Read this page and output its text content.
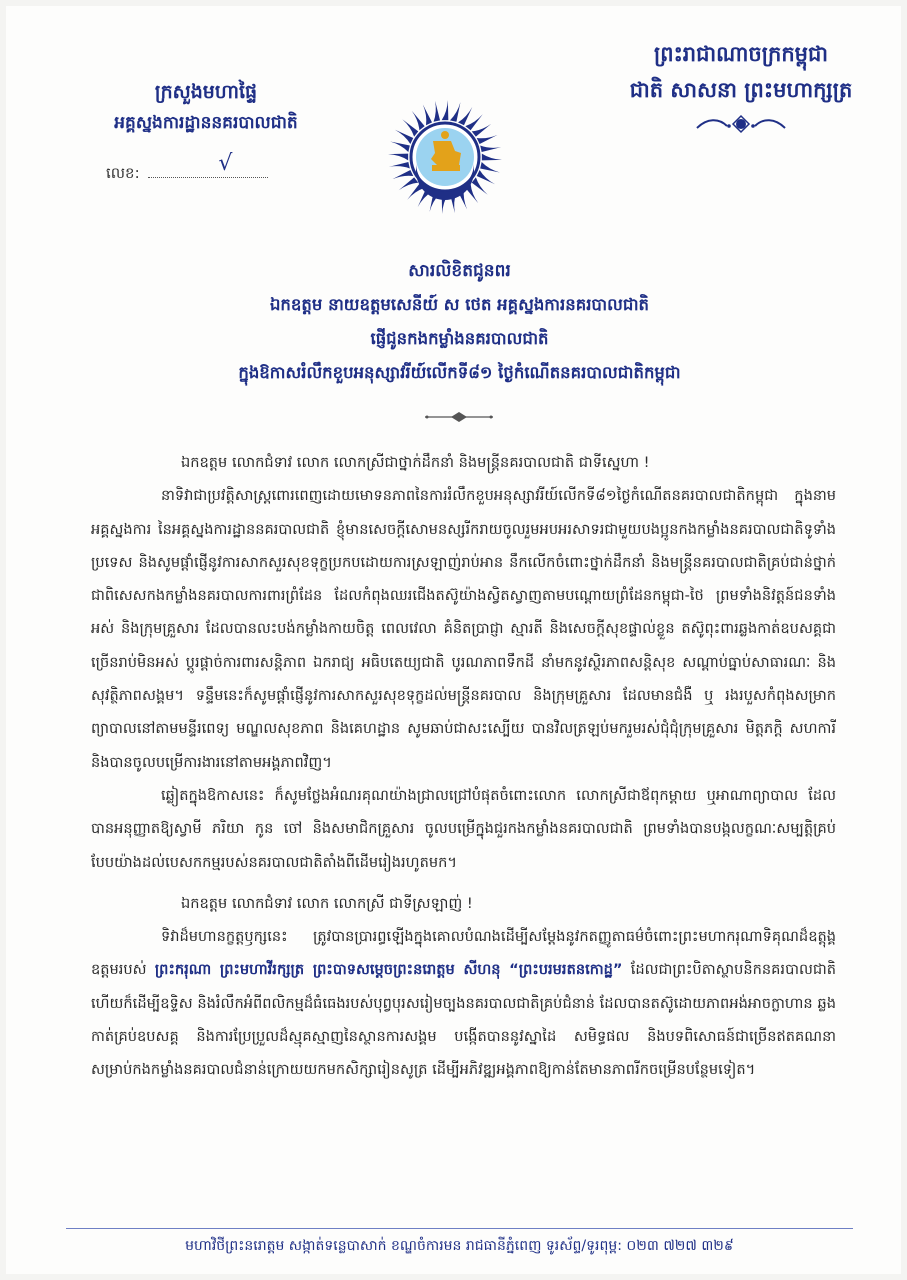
ព្រះរាជាណាចក្រកម្ពុជា
ជាតិ សាសនា ព្រះមហាក្សត្រ
ក្រសួងមហាផ្ទៃ
អគ្គស្នងការដ្ឋាននគរបាលជាតិ
លេខ:	√
សារលិខិតជូនពរ
ឯកឧត្តម នាយឧត្តមសេនីយ៍ ស ថេត អគ្គស្នងការនគរបាលជាតិ
ផ្ញើជូនកងកម្លាំងនគរបាលជាតិ
ក្នុងឱកាសរំលឹកខួបអនុស្សាវរីយ៍លើកទី៨១ ថ្ងៃកំណើតនគរបាលជាតិកម្ពុជា

ឯកឧត្តម លោកជំទាវ លោក លោកស្រីជាថ្នាក់ដឹកនាំ និងមន្ត្រីនគរបាលជាតិ ជាទីស្នេហា !

នាទិវាជាប្រវត្តិសាស្ត្រពោរពេញដោយមោទនភាពនៃការរំលឹកខួបអនុស្សាវរីយ៍លើកទី៨១ថ្ងៃកំណើតនគរបាលជាតិកម្ពុជា ក្នុងនាមអគ្គស្នងការ នៃអគ្គស្នងការដ្ឋាននគរបាលជាតិ ខ្ញុំមានសេចក្តីសោមនស្សរីករាយចូលរួមអបអរសាទរជាមួយបងប្អូនកងកម្លាំងនគរបាលជាតិទូទាំងប្រទេស និងសូមផ្តាំផ្ញើនូវការសាកសួរសុខទុក្ខប្រកបដោយការស្រឡាញ់រាប់អាន នឹកលើកចំពោះថ្នាក់ដឹកនាំ និងមន្ត្រីនគរបាលជាតិគ្រប់ជាន់ថ្នាក់ ជាពិសេសកងកម្លាំងនគរបាលការពារព្រំដែន ដែលកំពុងឈរជើងតស៊ូយ៉ាងស្វិតស្វាញតាមបណ្តោយព្រំដែនកម្ពុជា-ថៃ ព្រមទាំងនិវត្តន៍ជនទាំងអស់ និងក្រុមគ្រួសារ ដែលបានលះបង់កម្លាំងកាយចិត្ត ពេលវេលា គំនិតប្រាជ្ញា ស្មារតី និងសេចក្តីសុខផ្ទាល់ខ្លួន តស៊ូពុះពារឆ្លងកាត់ឧបសគ្គជាច្រើនរាប់មិនអស់ ប្តូរផ្តាច់ការពារសន្តិភាព ឯករាជ្យ អធិបតេយ្យជាតិ បូរណភាពទឹកដី នាំមកនូវស្ថិរភាពសន្តិសុខ សណ្តាប់ធ្នាប់សាធារណៈ និងសុវត្ថិភាពសង្គម។ ទន្ទឹមនេះក៏សូមផ្តាំផ្ញើនូវការសាកសួរសុខទុក្ខដល់មន្ត្រីនគរបាល និងក្រុមគ្រួសារ ដែលមានជំងឺ ឬ រងរបួសកំពុងសម្រាកព្យាបាលនៅតាមមន្ទីរពេទ្យ មណ្ឌលសុខភាព និងគេហដ្ឋាន សូមឆាប់ជាសះស្បើយ បានវិលត្រឡប់មករួមរស់ជុំជុំក្រុមគ្រួសារ មិត្តភក្តិ សហការី និងបានចូលបម្រើការងារនៅតាមអង្គភាពវិញ។

ឆ្លៀតក្នុងឱកាសនេះ ក៏សូមថ្លែងអំណរគុណយ៉ាងជ្រាលជ្រៅបំផុតចំពោះលោក លោកស្រីជាឪពុកម្តាយ ឬអាណាព្យាបាល ដែលបានអនុញ្ញាតឱ្យស្វាមី ភរិយា កូន ចៅ និងសមាជិកគ្រួសារ ចូលបម្រើក្នុងជួរកងកម្លាំងនគរបាលជាតិ ព្រមទាំងបានបង្កលក្ខណៈសម្បត្តិគ្រប់បែបយ៉ាងដល់បេសកកម្មរបស់នគរបាលជាតិតាំងពីដើមរៀងរហូតមក។

ឯកឧត្តម លោកជំទាវ លោក លោកស្រី ជាទីស្រឡាញ់ !

ទិវាដ៏មហានក្ខត្តឫក្សនេះ ត្រូវបានប្រារព្ធឡើងក្នុងគោលបំណងដើម្បីសម្តែងនូវកតញ្ញូតាធម៌ចំពោះព្រះមហាករុណាទិគុណដ៏ឧត្តុង្គឧត្តមរបស់ ព្រះករុណា ព្រះមហាវីរក្សត្រ ព្រះបាទសម្តេចព្រះនរោត្តម សីហនុ “ព្រះបរមរតនកោដ្ឋ” ដែលជាព្រះបិតាស្ថាបនិកនគរបាលជាតិ ហើយក៏ដើម្បីឧទ្ទិស និងរំលឹកអំពីពលិកម្មដ៏ធំធេងរបស់បុព្វបុរសរៀមច្បងនគរបាលជាតិគ្រប់ជំនាន់ ដែលបានតស៊ូដោយភាពអង់អាចក្លាហាន ឆ្លងកាត់គ្រប់ឧបសគ្គ និងការប្រែប្រួលដ៏ស្មុគស្មាញនៃស្ថានការសង្គម បង្កើតបាននូវស្នាដៃ សមិទ្ធផល និងបទពិសោធន៍ជាច្រើនឥតគណនា សម្រាប់កងកម្លាំងនគរបាលជំនាន់ក្រោយយកមកសិក្សារៀនសូត្រ ដើម្បីអភិវឌ្ឍអង្គភាពឱ្យកាន់តែមានភាពរីកចម្រើនបន្ថែមទៀត។

មហាវិថីព្រះនរោត្តម សង្កាត់ទន្លេបាសាក់ ខណ្ឌចំការមន រាជធានីភ្នំពេញ ទូរស័ព្ទ/ទូរពុម្ព: ០២៣ ៧២៧ ៣២៩
